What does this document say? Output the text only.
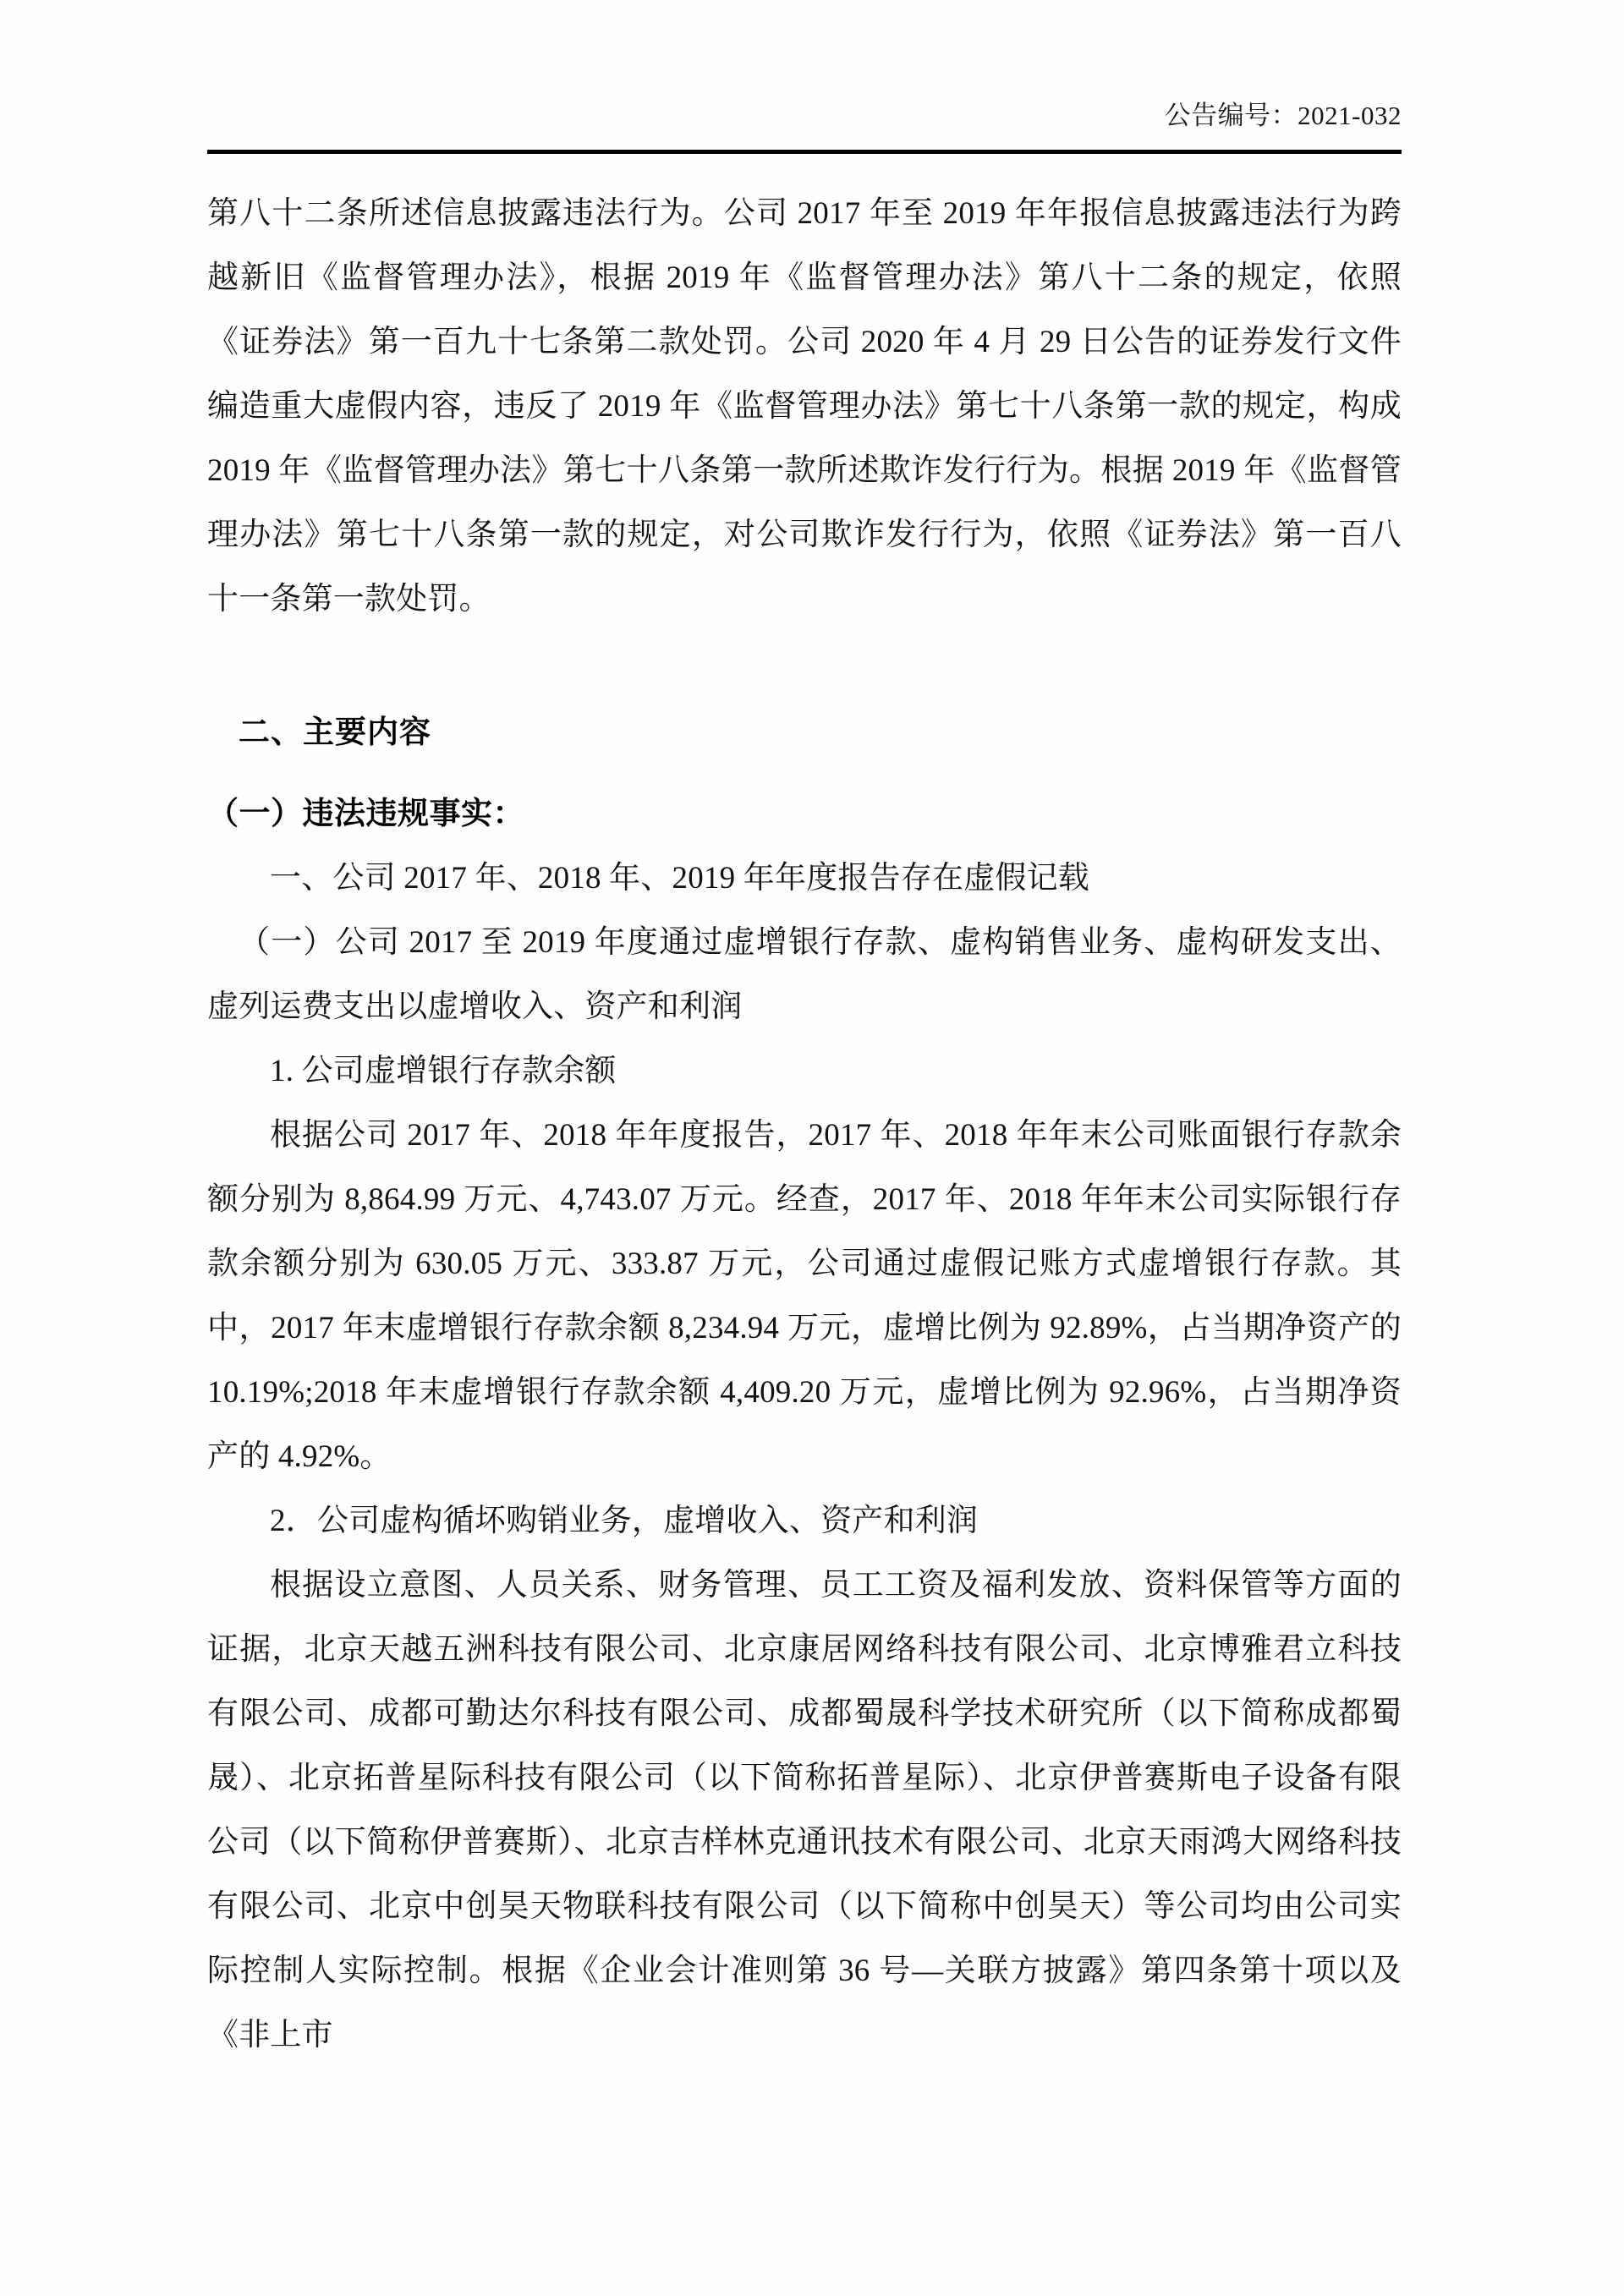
公告编号：2021-032

第八十二条所述信息披露违法行为。公司 2017 年至 2019 年年报信息披露违法行为跨越新旧《监督管理办法》，根据 2019 年《监督管理办法》第八十二条的规定，依照《证券法》第一百九十七条第二款处罚。公司 2020 年 4 月 29 日公告的证券发行文件编造重大虚假内容，违反了 2019 年《监督管理办法》第七十八条第一款的规定，构成 2019 年《监督管理办法》第七十八条第一款所述欺诈发行行为。根据 2019 年《监督管理办法》第七十八条第一款的规定，对公司欺诈发行行为，依照《证券法》第一百八十一条第一款处罚。

二、主要内容
（一）违法违规事实：

一、公司 2017 年、2018 年、2019 年年度报告存在虚假记载

（一）公司 2017 至 2019 年度通过虚增银行存款、虚构销售业务、虚构研发支出、虚列运费支出以虚增收入、资产和利润

1. 公司虚增银行存款余额

根据公司 2017 年、2018 年年度报告，2017 年、2018 年年末公司账面银行存款余额分别为 8,864.99 万元、4,743.07 万元。经查，2017 年、2018 年年末公司实际银行存款余额分别为 630.05 万元、333.87 万元，公司通过虚假记账方式虚增银行存款。其中，2017 年末虚增银行存款余额 8,234.94 万元，虚增比例为 92.89%，占当期净资产的 10.19%;2018 年末虚增银行存款余额 4,409.20 万元，虚增比例为 92.96%，占当期净资产的 4.92%。

2．公司虚构循坏购销业务，虚增收入、资产和利润

根据设立意图、人员关系、财务管理、员工工资及福利发放、资料保管等方面的证据，北京天越五洲科技有限公司、北京康居网络科技有限公司、北京博雅君立科技有限公司、成都可勤达尔科技有限公司、成都蜀晟科学技术研究所（以下简称成都蜀晟）、北京拓普星际科技有限公司（以下简称拓普星际）、北京伊普赛斯电子设备有限公司（以下简称伊普赛斯）、北京吉样林克通讯技术有限公司、北京天雨鸿大网络科技有限公司、北京中创昊天物联科技有限公司（以下简称中创昊天）等公司均由公司实际控制人实际控制。根据《企业会计准则第 36 号—关联方披露》第四条第十项以及《非上市
